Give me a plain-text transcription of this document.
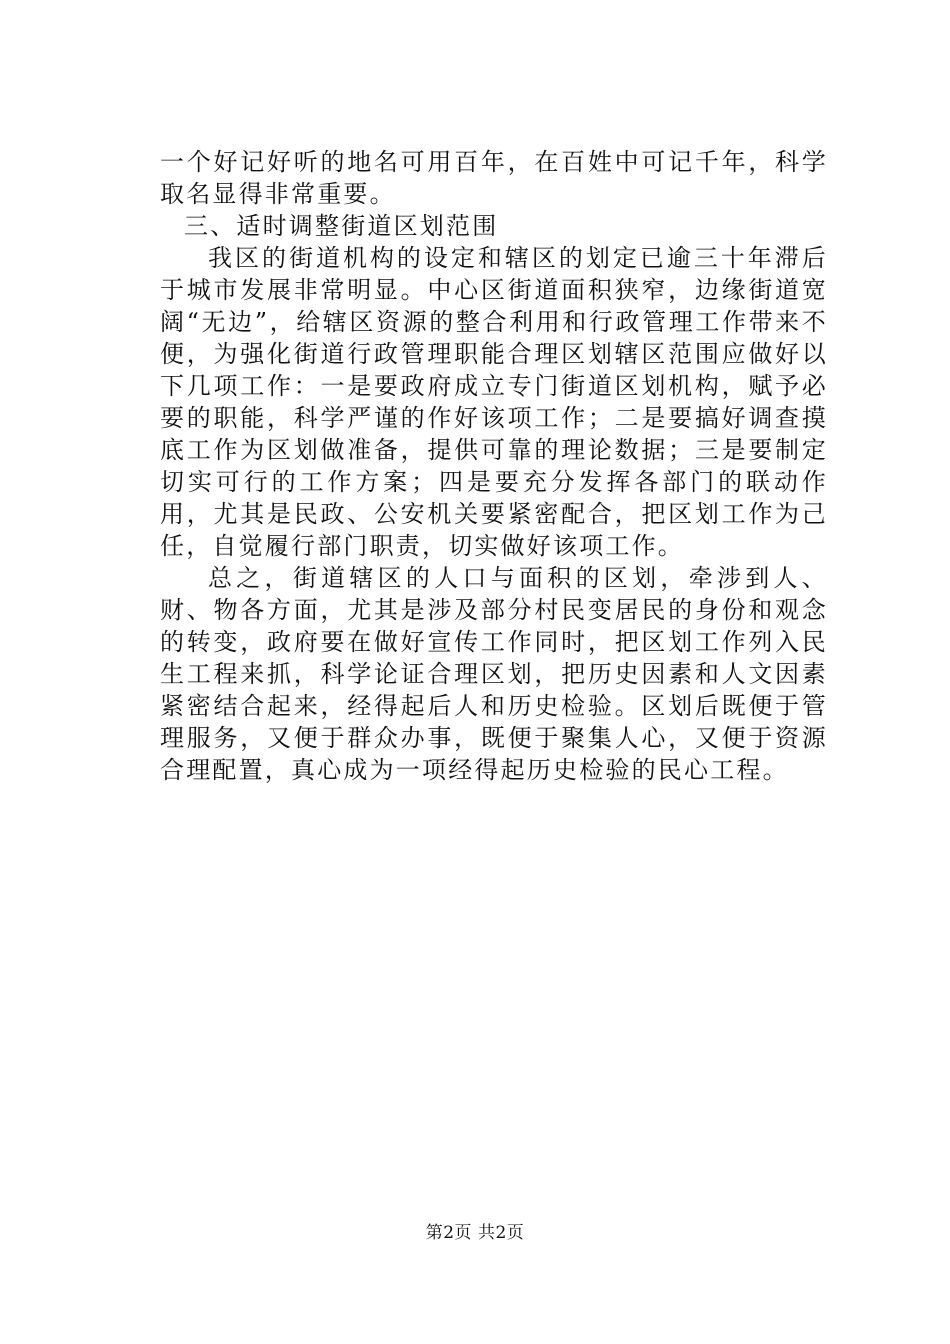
一个好记好听的地名可用百年，在百姓中可记千年，科学取名显得非常重要。

三、适时调整街道区划范围

我区的街道机构的设定和辖区的划定已逾三十年滞后于城市发展非常明显。中心区街道面积狭窄，边缘街道宽阔“无边”，给辖区资源的整合利用和行政管理工作带来不便，为强化街道行政管理职能合理区划辖区范围应做好以下几项工作：一是要政府成立专门街道区划机构，赋予必要的职能，科学严谨的作好该项工作；二是要搞好调查摸底工作为区划做准备，提供可靠的理论数据；三是要制定切实可行的工作方案；四是要充分发挥各部门的联动作用，尤其是民政、公安机关要紧密配合，把区划工作为己任，自觉履行部门职责，切实做好该项工作。

总之，街道辖区的人口与面积的区划，牵涉到人、财、物各方面，尤其是涉及部分村民变居民的身份和观念的转变，政府要在做好宣传工作同时，把区划工作列入民生工程来抓，科学论证合理区划，把历史因素和人文因素紧密结合起来，经得起后人和历史检验。区划后既便于管理服务，又便于群众办事，既便于聚集人心，又便于资源合理配置，真心成为一项经得起历史检验的民心工程。

第2页 共2页
